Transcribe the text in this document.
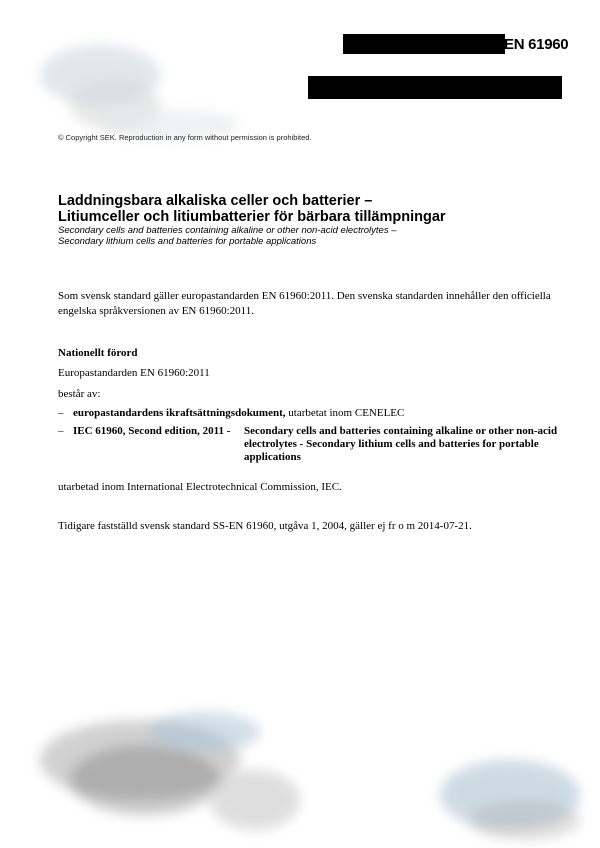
EN 61960
© Copyright SEK. Reproduction in any form without permission is prohibited.

Laddningsbara alkaliska celler och batterier –

Litiumceller och litiumbatterier för bärbara tillämpningar

Secondary cells and batteries containing alkaline or other non-acid electrolytes –

Secondary lithium cells and batteries for portable applications

Som svensk standard gäller europastandarden EN 61960:2011. Den svenska standarden innehåller den officiella engelska språkversionen av EN 61960:2011.

Nationellt förord

Europastandarden EN 61960:2011

består av:

– europastandardens ikraftsättningsdokument, utarbetat inom CENELEC
– IEC 61960, Second edition, 2011 - Secondary cells and batteries containing alkaline or other non-acid electrolytes - Secondary lithium cells and batteries for portable applications

utarbetad inom International Electrotechnical Commission, IEC.

Tidigare fastställd svensk standard SS-EN 61960, utgåva 1, 2004, gäller ej fr o m 2014-07-21.
